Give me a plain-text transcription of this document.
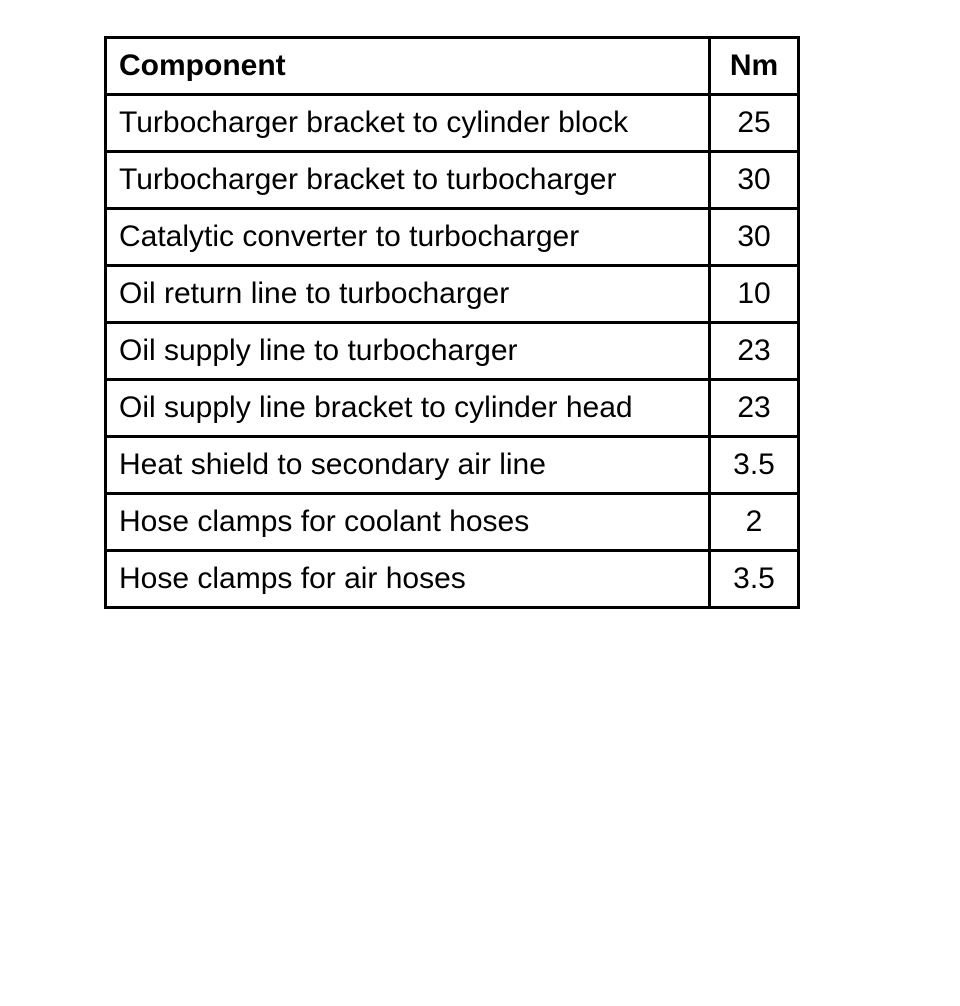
Component	Nm
Turbocharger bracket to cylinder block	25
Turbocharger bracket to turbocharger	30
Catalytic converter to turbocharger	30
Oil return line to turbocharger	10
Oil supply line to turbocharger	23
Oil supply line bracket to cylinder head	23
Heat shield to secondary air line	3.5
Hose clamps for coolant hoses	2
Hose clamps for air hoses	3.5
